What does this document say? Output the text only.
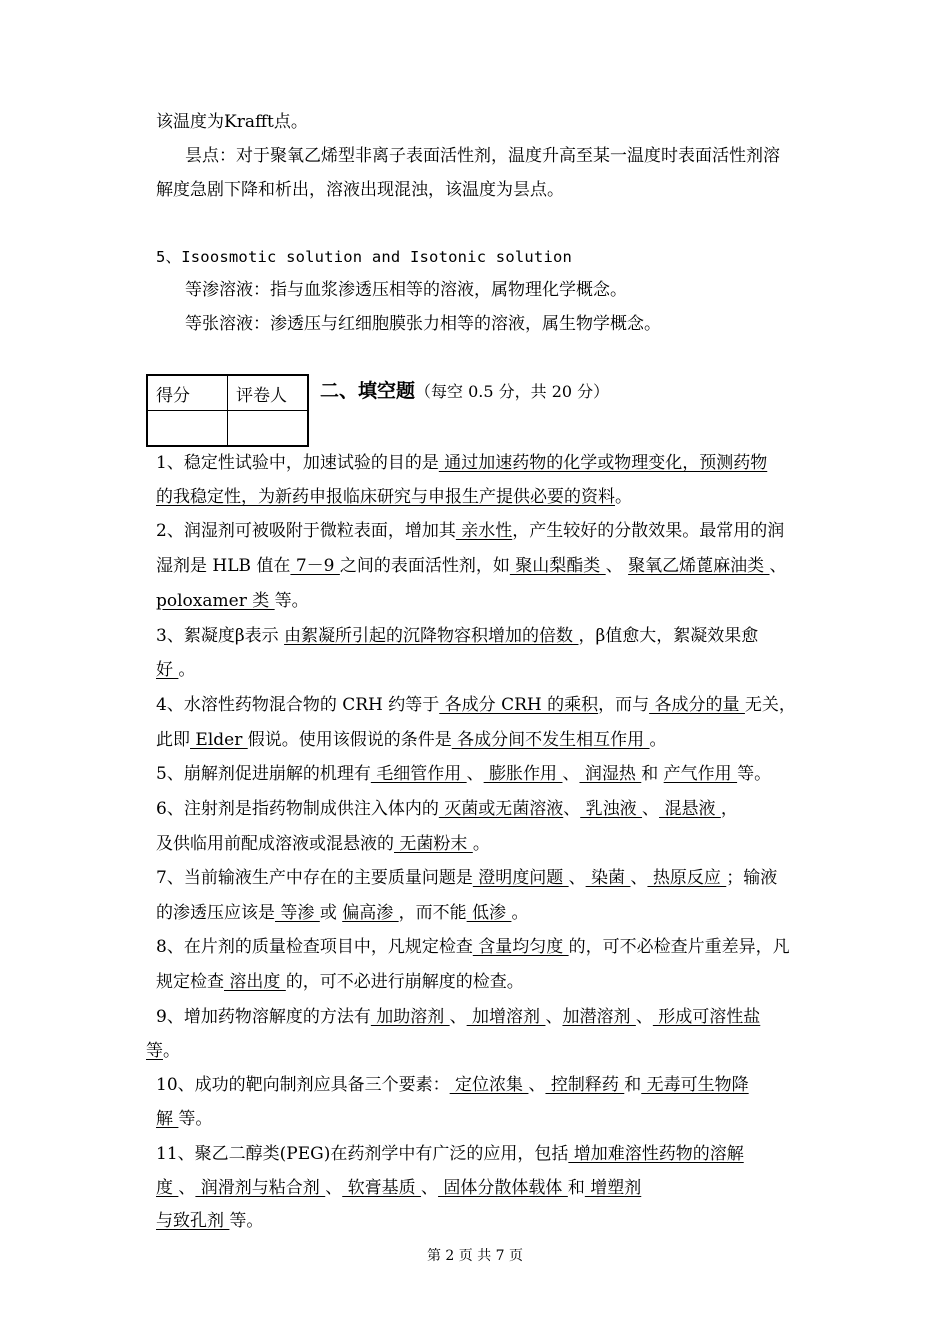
该温度为Krafft点。
昙点：对于聚氧乙烯型非离子表面活性剂，温度升高至某一温度时表面活性剂溶
解度急剧下降和析出，溶液出现混浊，该温度为昙点。
5、Isoosmotic solution and Isotonic solution
等渗溶液：指与血浆渗透压相等的溶液，属物理化学概念。
等张溶液：渗透压与红细胞膜张力相等的溶液，属生物学概念。
得分	评卷人
	二、填空题（每空 0.5 分，共 20 分）
1、稳定性试验中，加速试验的目的是 通过加速药物的化学或物理变化，预测药物
的我稳定性，为新药申报临床研究与申报生产提供必要的资料。
2、润湿剂可被吸附于微粒表面，增加其 亲水性，产生较好的分散效果。最常用的润
湿剂是 HLB 值在 7－9 之间的表面活性剂，如 聚山梨酯类 、 聚氧乙烯蓖麻油类 、
poloxamer 类 等。
3、絮凝度β表示 由絮凝所引起的沉降物容积增加的倍数 ，β值愈大，絮凝效果愈
好 。
4、水溶性药物混合物的 CRH 约等于 各成分 CRH 的乘积，而与 各成分的量 无关，
此即 Elder 假说。使用该假说的条件是 各成分间不发生相互作用 。
5、崩解剂促进崩解的机理有 毛细管作用 、 膨胀作用 、 润湿热 和 产气作用 等。
6、注射剂是指药物制成供注入体内的 灭菌或无菌溶液、 乳浊液 、 混悬液 ，
及供临用前配成溶液或混悬液的 无菌粉末 。
7、当前输液生产中存在的主要质量问题是 澄明度问题 、 染菌 、 热原反应 ；输液
的渗透压应该是 等渗 或 偏高渗 ，而不能 低渗 。
8、在片剂的质量检查项目中，凡规定检查 含量均匀度 的，可不必检查片重差异，凡
规定检查 溶出度 的，可不必进行崩解度的检查。
9、增加药物溶解度的方法有 加助溶剂 、 加增溶剂 、加潜溶剂 、 形成可溶性盐
等。
10、成功的靶向制剂应具备三个要素： 定位浓集 、 控制释药 和 无毒可生物降
解 等。
11、聚乙二醇类(PEG)在药剂学中有广泛的应用，包括 增加难溶性药物的溶解
度 、 润滑剂与粘合剂 、 软膏基质 、 固体分散体载体 和 增塑剂
与致孔剂 等。
第 2 页 共 7 页
